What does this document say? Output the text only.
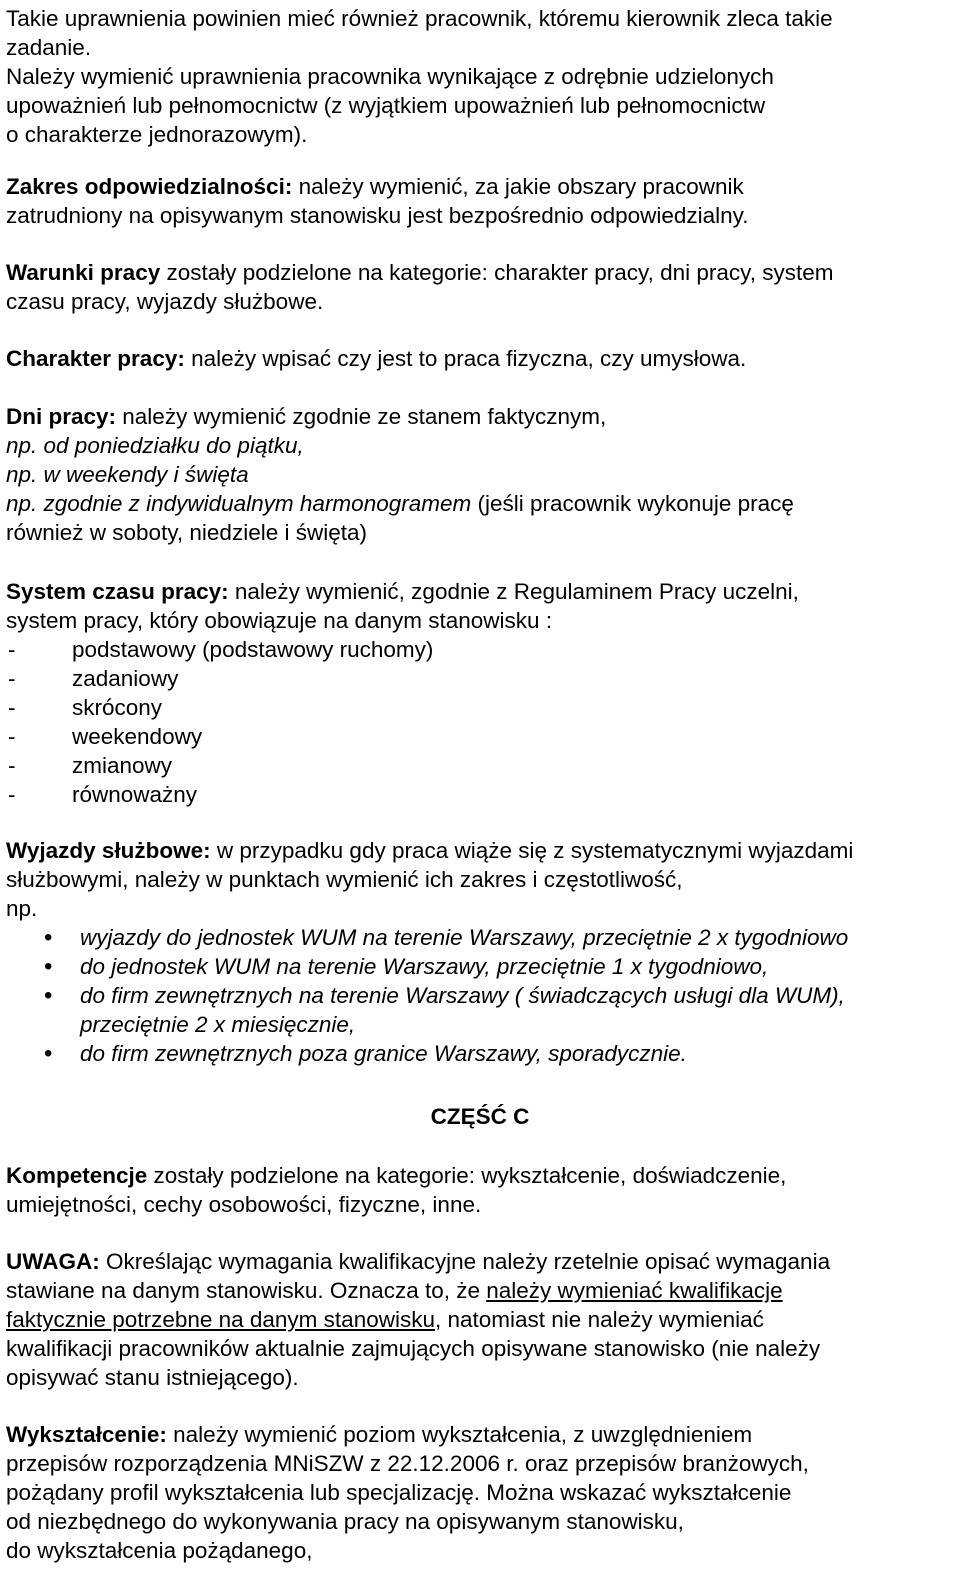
Takie uprawnienia powinien mieć również pracownik, któremu kierownik zleca takie
zadanie.
Należy wymienić uprawnienia pracownika wynikające z odrębnie udzielonych
upoważnień lub pełnomocnictw (z wyjątkiem upoważnień lub pełnomocnictw
o charakterze jednorazowym).
Zakres odpowiedzialności: należy wymienić, za jakie obszary pracownik
zatrudniony na opisywanym stanowisku jest bezpośrednio odpowiedzialny.
Warunki pracy zostały podzielone na kategorie: charakter pracy, dni pracy, system
czasu pracy, wyjazdy służbowe.
Charakter pracy: należy wpisać czy jest to praca fizyczna, czy umysłowa.
Dni pracy: należy wymienić zgodnie ze stanem faktycznym,
np. od poniedziałku do piątku,
np. w weekendy i święta
np. zgodnie z indywidualnym harmonogramem (jeśli pracownik wykonuje pracę
również w soboty, niedziele i święta)
System czasu pracy: należy wymienić, zgodnie z Regulaminem Pracy uczelni,
system pracy, który obowiązuje na danym stanowisku :
-	podstawowy (podstawowy ruchomy)
-	zadaniowy
-	skrócony
-	weekendowy
-	zmianowy
-	równoważny
Wyjazdy służbowe: w przypadku gdy praca wiąże się z systematycznymi wyjazdami
służbowymi, należy w punktach wymienić ich zakres i częstotliwość,
np.
• wyjazdy do jednostek WUM na terenie Warszawy, przeciętnie 2 x tygodniowo
• do jednostek WUM na terenie Warszawy, przeciętnie 1 x tygodniowo,
• do firm zewnętrznych na terenie Warszawy ( świadczących usługi dla WUM),
przeciętnie 2 x miesięcznie,
• do firm zewnętrznych poza granice Warszawy, sporadycznie.
CZĘŚĆ C
Kompetencje zostały podzielone na kategorie: wykształcenie, doświadczenie,
umiejętności, cechy osobowości, fizyczne, inne.
UWAGA: Określając wymagania kwalifikacyjne należy rzetelnie opisać wymagania
stawiane na danym stanowisku. Oznacza to, że należy wymieniać kwalifikacje
faktycznie potrzebne na danym stanowisku, natomiast nie należy wymieniać
kwalifikacji pracowników aktualnie zajmujących opisywane stanowisko (nie należy
opisywać stanu istniejącego).
Wykształcenie: należy wymienić poziom wykształcenia, z uwzględnieniem
przepisów rozporządzenia MNiSZW z 22.12.2006 r. oraz przepisów branżowych,
pożądany profil wykształcenia lub specjalizację. Można wskazać wykształcenie
od niezbędnego do wykonywania pracy na opisywanym stanowisku,
do wykształcenia pożądanego,
